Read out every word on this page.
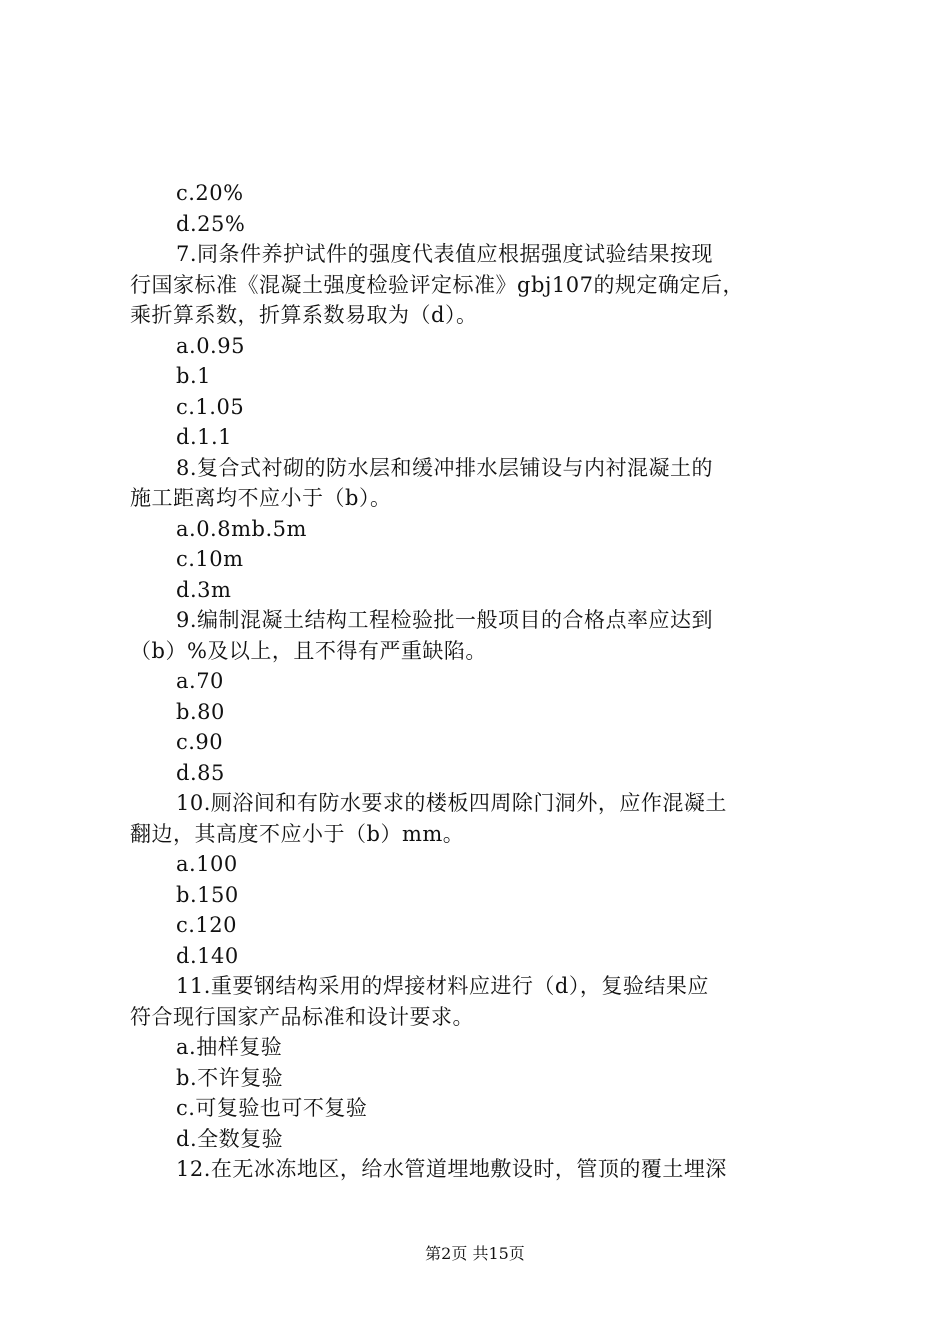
c.20%
d.25%
7.同条件养护试件的强度代表值应根据强度试验结果按现
行国家标准《混凝土强度检验评定标准》gbj107的规定确定后，
乘折算系数，折算系数易取为（d）。
a.0.95
b.1
c.1.05
d.1.1
8.复合式衬砌的防水层和缓冲排水层铺设与内衬混凝土的
施工距离均不应小于（b）。
a.0.8mb.5m
c.10m
d.3m
9.编制混凝土结构工程检验批一般项目的合格点率应达到
（b）%及以上，且不得有严重缺陷。
a.70
b.80
c.90
d.85
10.厕浴间和有防水要求的楼板四周除门洞外，应作混凝土
翻边，其高度不应小于（b）mm。
a.100
b.150
c.120
d.140
11.重要钢结构采用的焊接材料应进行（d），复验结果应
符合现行国家产品标准和设计要求。
a.抽样复验
b.不许复验
c.可复验也可不复验
d.全数复验
12.在无冰冻地区，给水管道埋地敷设时，管顶的覆土埋深
第2页 共15页
